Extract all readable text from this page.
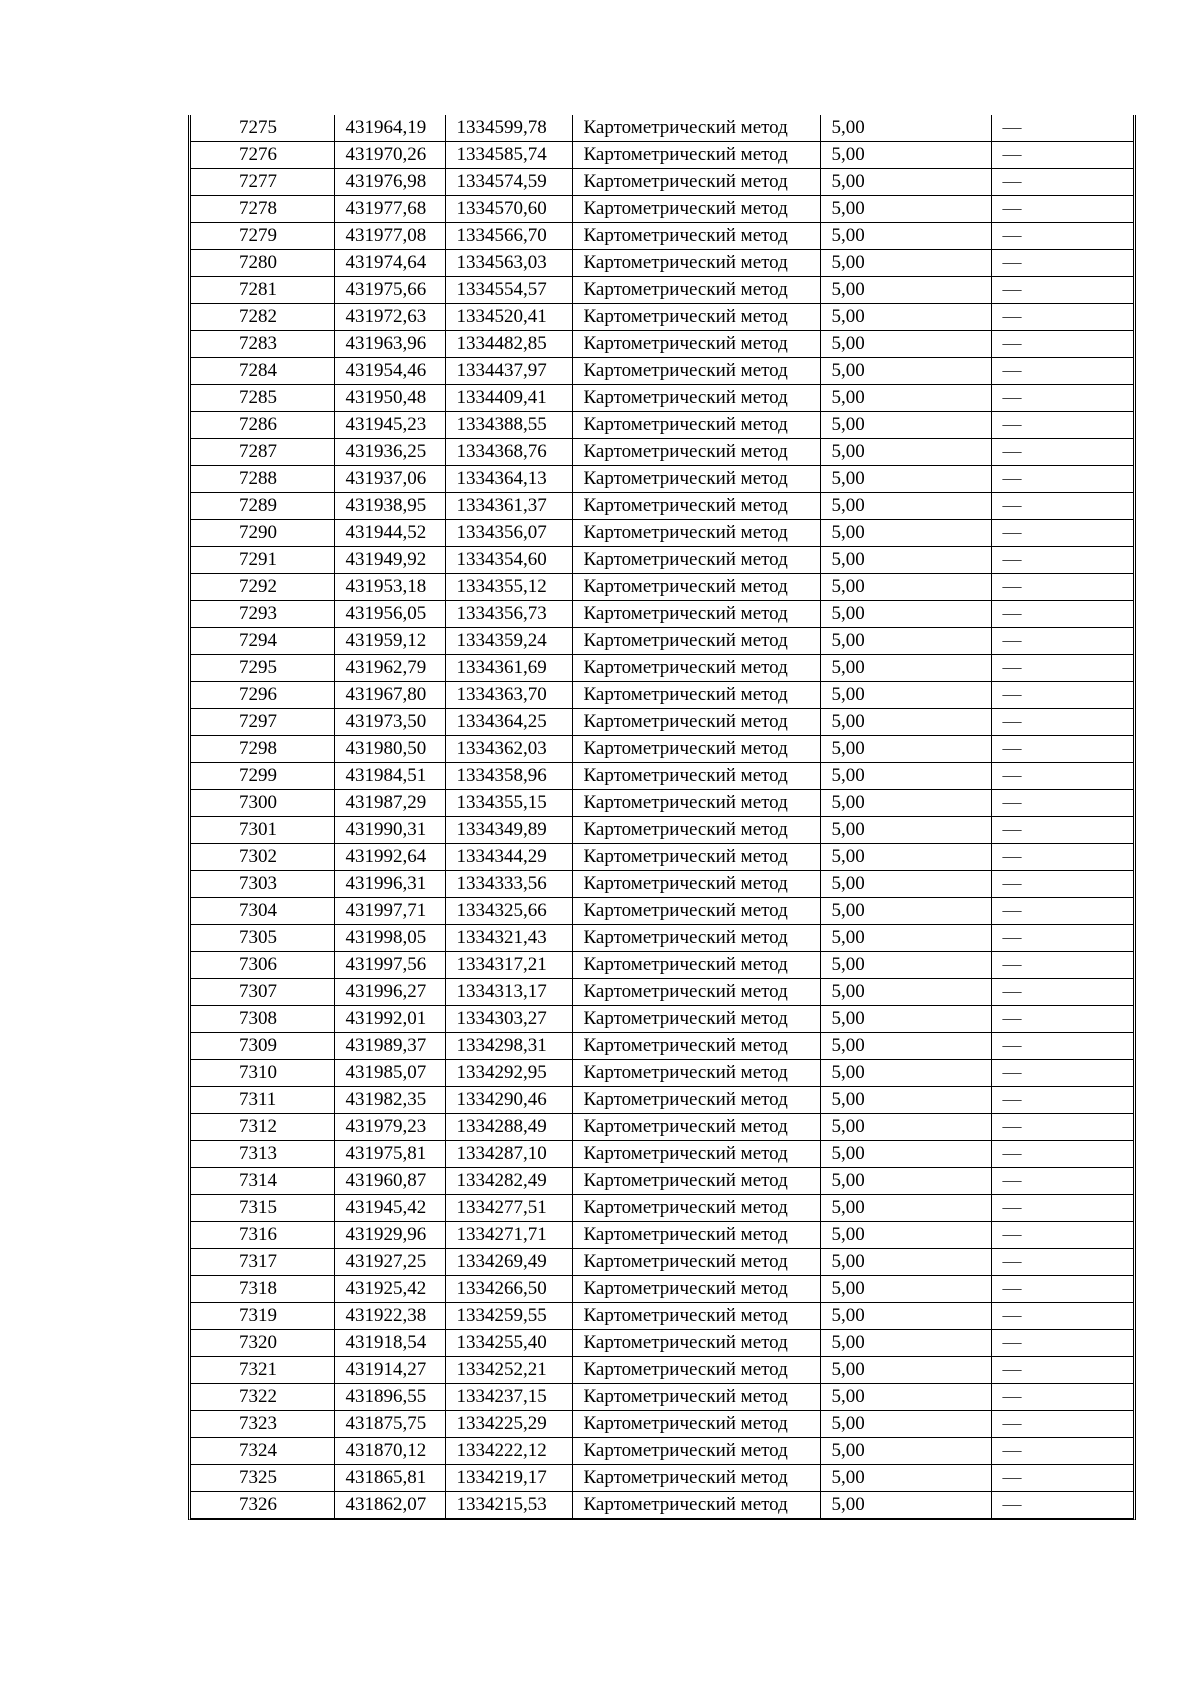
7275	431964,19	1334599,78	Картометрический метод	5,00	—
7276	431970,26	1334585,74	Картометрический метод	5,00	—
7277	431976,98	1334574,59	Картометрический метод	5,00	—
7278	431977,68	1334570,60	Картометрический метод	5,00	—
7279	431977,08	1334566,70	Картометрический метод	5,00	—
7280	431974,64	1334563,03	Картометрический метод	5,00	—
7281	431975,66	1334554,57	Картометрический метод	5,00	—
7282	431972,63	1334520,41	Картометрический метод	5,00	—
7283	431963,96	1334482,85	Картометрический метод	5,00	—
7284	431954,46	1334437,97	Картометрический метод	5,00	—
7285	431950,48	1334409,41	Картометрический метод	5,00	—
7286	431945,23	1334388,55	Картометрический метод	5,00	—
7287	431936,25	1334368,76	Картометрический метод	5,00	—
7288	431937,06	1334364,13	Картометрический метод	5,00	—
7289	431938,95	1334361,37	Картометрический метод	5,00	—
7290	431944,52	1334356,07	Картометрический метод	5,00	—
7291	431949,92	1334354,60	Картометрический метод	5,00	—
7292	431953,18	1334355,12	Картометрический метод	5,00	—
7293	431956,05	1334356,73	Картометрический метод	5,00	—
7294	431959,12	1334359,24	Картометрический метод	5,00	—
7295	431962,79	1334361,69	Картометрический метод	5,00	—
7296	431967,80	1334363,70	Картометрический метод	5,00	—
7297	431973,50	1334364,25	Картометрический метод	5,00	—
7298	431980,50	1334362,03	Картометрический метод	5,00	—
7299	431984,51	1334358,96	Картометрический метод	5,00	—
7300	431987,29	1334355,15	Картометрический метод	5,00	—
7301	431990,31	1334349,89	Картометрический метод	5,00	—
7302	431992,64	1334344,29	Картометрический метод	5,00	—
7303	431996,31	1334333,56	Картометрический метод	5,00	—
7304	431997,71	1334325,66	Картометрический метод	5,00	—
7305	431998,05	1334321,43	Картометрический метод	5,00	—
7306	431997,56	1334317,21	Картометрический метод	5,00	—
7307	431996,27	1334313,17	Картометрический метод	5,00	—
7308	431992,01	1334303,27	Картометрический метод	5,00	—
7309	431989,37	1334298,31	Картометрический метод	5,00	—
7310	431985,07	1334292,95	Картометрический метод	5,00	—
7311	431982,35	1334290,46	Картометрический метод	5,00	—
7312	431979,23	1334288,49	Картометрический метод	5,00	—
7313	431975,81	1334287,10	Картометрический метод	5,00	—
7314	431960,87	1334282,49	Картометрический метод	5,00	—
7315	431945,42	1334277,51	Картометрический метод	5,00	—
7316	431929,96	1334271,71	Картометрический метод	5,00	—
7317	431927,25	1334269,49	Картометрический метод	5,00	—
7318	431925,42	1334266,50	Картометрический метод	5,00	—
7319	431922,38	1334259,55	Картометрический метод	5,00	—
7320	431918,54	1334255,40	Картометрический метод	5,00	—
7321	431914,27	1334252,21	Картометрический метод	5,00	—
7322	431896,55	1334237,15	Картометрический метод	5,00	—
7323	431875,75	1334225,29	Картометрический метод	5,00	—
7324	431870,12	1334222,12	Картометрический метод	5,00	—
7325	431865,81	1334219,17	Картометрический метод	5,00	—
7326	431862,07	1334215,53	Картометрический метод	5,00	—
